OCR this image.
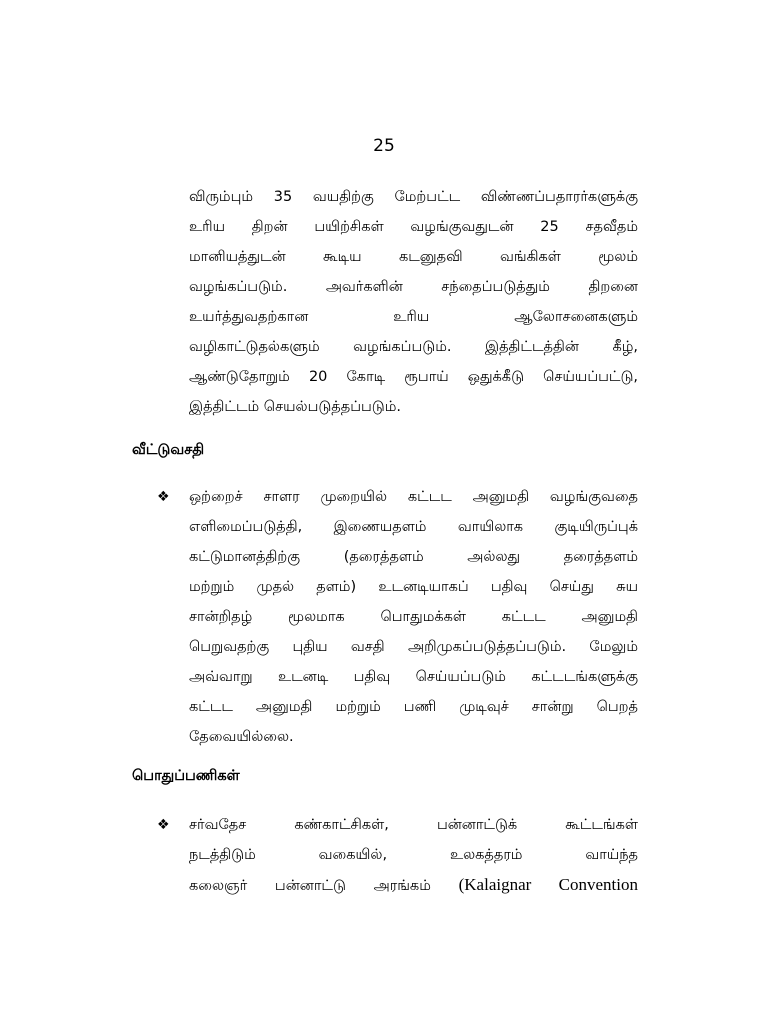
25
விரும்பும் 35 வயதிற்கு மேற்பட்ட விண்ணப்பதாரர்களுக்கு
உரிய திறன் பயிற்சிகள் வழங்குவதுடன் 25 சதவீதம்
மானியத்துடன் கூடிய கடனுதவி வங்கிகள் மூலம்
வழங்கப்படும். அவர்களின் சந்தைப்படுத்தும் திறனை
உயர்த்துவதற்கான உரிய ஆலோசனைகளும்
வழிகாட்டுதல்களும் வழங்கப்படும். இத்திட்டத்தின் கீழ்,
ஆண்டுதோறும் 20 கோடி ரூபாய் ஒதுக்கீடு செய்யப்பட்டு,
இத்திட்டம் செயல்படுத்தப்படும்.
வீட்டுவசதி
❖ ஒற்றைச் சாளர முறையில் கட்டட அனுமதி வழங்குவதை
எளிமைப்படுத்தி, இணையதளம் வாயிலாக குடியிருப்புக்
கட்டுமானத்திற்கு (தரைத்தளம் அல்லது தரைத்தளம்
மற்றும் முதல் தளம்) உடனடியாகப் பதிவு செய்து சுய
சான்றிதழ் மூலமாக பொதுமக்கள் கட்டட அனுமதி
பெறுவதற்கு புதிய வசதி அறிமுகப்படுத்தப்படும். மேலும்
அவ்வாறு உடனடி பதிவு செய்யப்படும் கட்டடங்களுக்கு
கட்டட அனுமதி மற்றும் பணி முடிவுச் சான்று பெறத்
தேவையில்லை.
பொதுப்பணிகள்
❖ சர்வதேச கண்காட்சிகள், பன்னாட்டுக் கூட்டங்கள்
நடத்திடும் வகையில், உலகத்தரம் வாய்ந்த
கலைஞர் பன்னாட்டு அரங்கம் (Kalaignar Convention
